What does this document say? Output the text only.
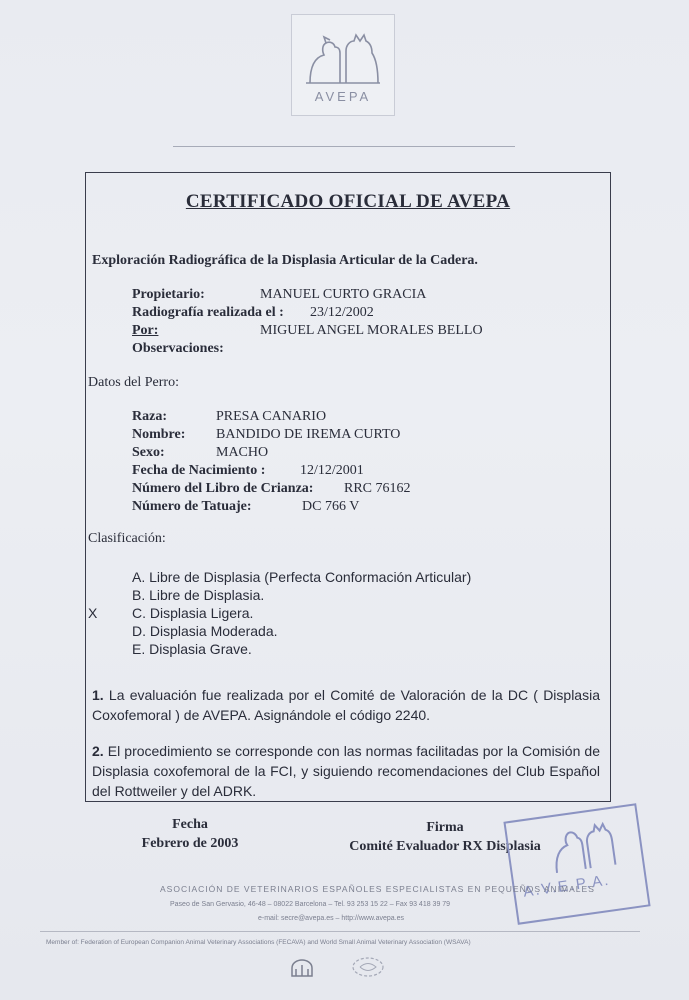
AVEPA
CERTIFICADO OFICIAL DE AVEPA
Exploración Radiográfica de la Displasia Articular de la Cadera.
Propietario:	MANUEL CURTO GRACIA
Radiografía realizada el : 23/12/2002
Por:	MIGUEL ANGEL MORALES BELLO
Observaciones:
Datos del Perro:
Raza:	PRESA CANARIO
Nombre: BANDIDO DE IREMA CURTO
Sexo:	MACHO
Fecha de Nacimiento : 12/12/2001
Número del Libro de Crianza: RRC 76162
Número de Tatuaje:	DC 766 V
Clasificación:
A. Libre de Displasia (Perfecta Conformación Articular)
B. Libre de Displasia.
X C. Displasia Ligera.
D. Displasia Moderada.
E. Displasia Grave.
1. La evaluación fue realizada por el Comité de Valoración de la DC ( Displasia Coxofemoral ) de AVEPA. Asignándole el código 2240.
2. El procedimiento se corresponde con las normas facilitadas por la Comisión de Displasia coxofemoral de la FCI, y siguiendo recomendaciones del Club Español del Rottweiler y del ADRK.
Fecha
Febrero de 2003
Firma
Comité Evaluador RX Displasia
A.V.E.P.A.
ASOCIACIÓN DE VETERINARIOS ESPAÑOLES ESPECIALISTAS EN PEQUEÑOS ANIMALES
Paseo de San Gervasio, 46-48 – 08022 Barcelona – Tel. 93 253 15 22 – Fax 93 418 39 79
e-mail: secre@avepa.es – http://www.avepa.es
Member of: Federation of European Companion Animal Veterinary Associations (FECAVA) and World Small Animal Veterinary Association (WSAVA)
